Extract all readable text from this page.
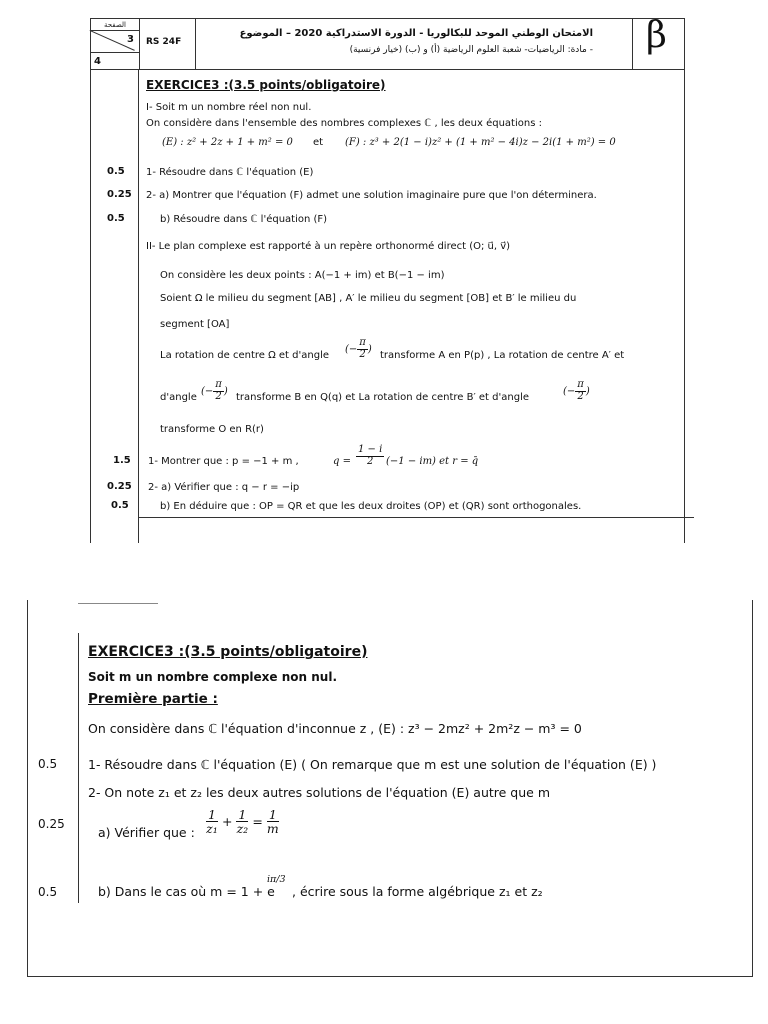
الصفحة
3
4
RS 24F
الامتحان الوطني الموحد للبكالوريا - الدورة الاستدراكية 2020 – الموضوع
- مادة: الرياضيات- شعبة العلوم الرياضية (أ) و (ب) (خيار فرنسية) β
EXERCICE3 :(3.5 points/obligatoire)
I- Soit m un nombre réel non nul.
On considère dans l'ensemble des nombres complexes ℂ , les deux équations :
(E) : z² + 2z + 1 + m² = 0 et (F) : z³ + 2(1 − i)z² + (1 + m² − 4i)z − 2i(1 + m²) = 0
0.5 1- Résoudre dans ℂ l'équation (E)
0.25 2- a) Montrer que l'équation (F) admet une solution imaginaire pure que l'on déterminera.
0.5	b) Résoudre dans ℂ l'équation (F)
II- Le plan complexe est rapporté à un repère orthonormé direct (O; u⃗, v⃗)
On considère les deux points : A(−1 + im) et B(−1 − im)
Soient Ω le milieu du segment [AB] , A′ le milieu du segment [OB] et B′ le milieu du
segment [OA]
La rotation de centre Ω et d'angle
(− $\frac{\pi}{2}$ )
transforme A en P(p) , La rotation de centre A′ et
d'angle
(− $\frac{\pi}{2}$ )
transforme B en Q(q) et La rotation de centre B′ et d'angle
(− $\frac{\pi}{2}$ )
transforme O en R(r)
1.5 1- Montrer que : p = −1 + m ,	$q = \frac{1 - i}{2} (-1 - im)$ et r = q̄
0.25 2- a) Vérifier que : q − r = −ip
0.5	b) En déduire que : OP = QR et que les deux droites (OP) et (QR) sont orthogonales.
EXERCICE3 :(3.5 points/obligatoire)
Soit m un nombre complexe non nul.
Première partie :
On considère dans ℂ l'équation d'inconnue z , (E) : z³ − 2mz² + 2m²z − m³ = 0
0.5 1- Résoudre dans ℂ l'équation (E) ( On remarque que m est une solution de l'équation (E) )
2- On note z₁ et z₂ les deux autres solutions de l'équation (E) autre que m
0.25
a) Vérifier que : $\frac{1}{\text{z₁}} + \frac{1}{\text{z₂}} = \frac{1}{m}$
0.5	b) Dans le cas où m = 1 + e
iπ/3
, écrire sous la forme algébrique z₁ et z₂
